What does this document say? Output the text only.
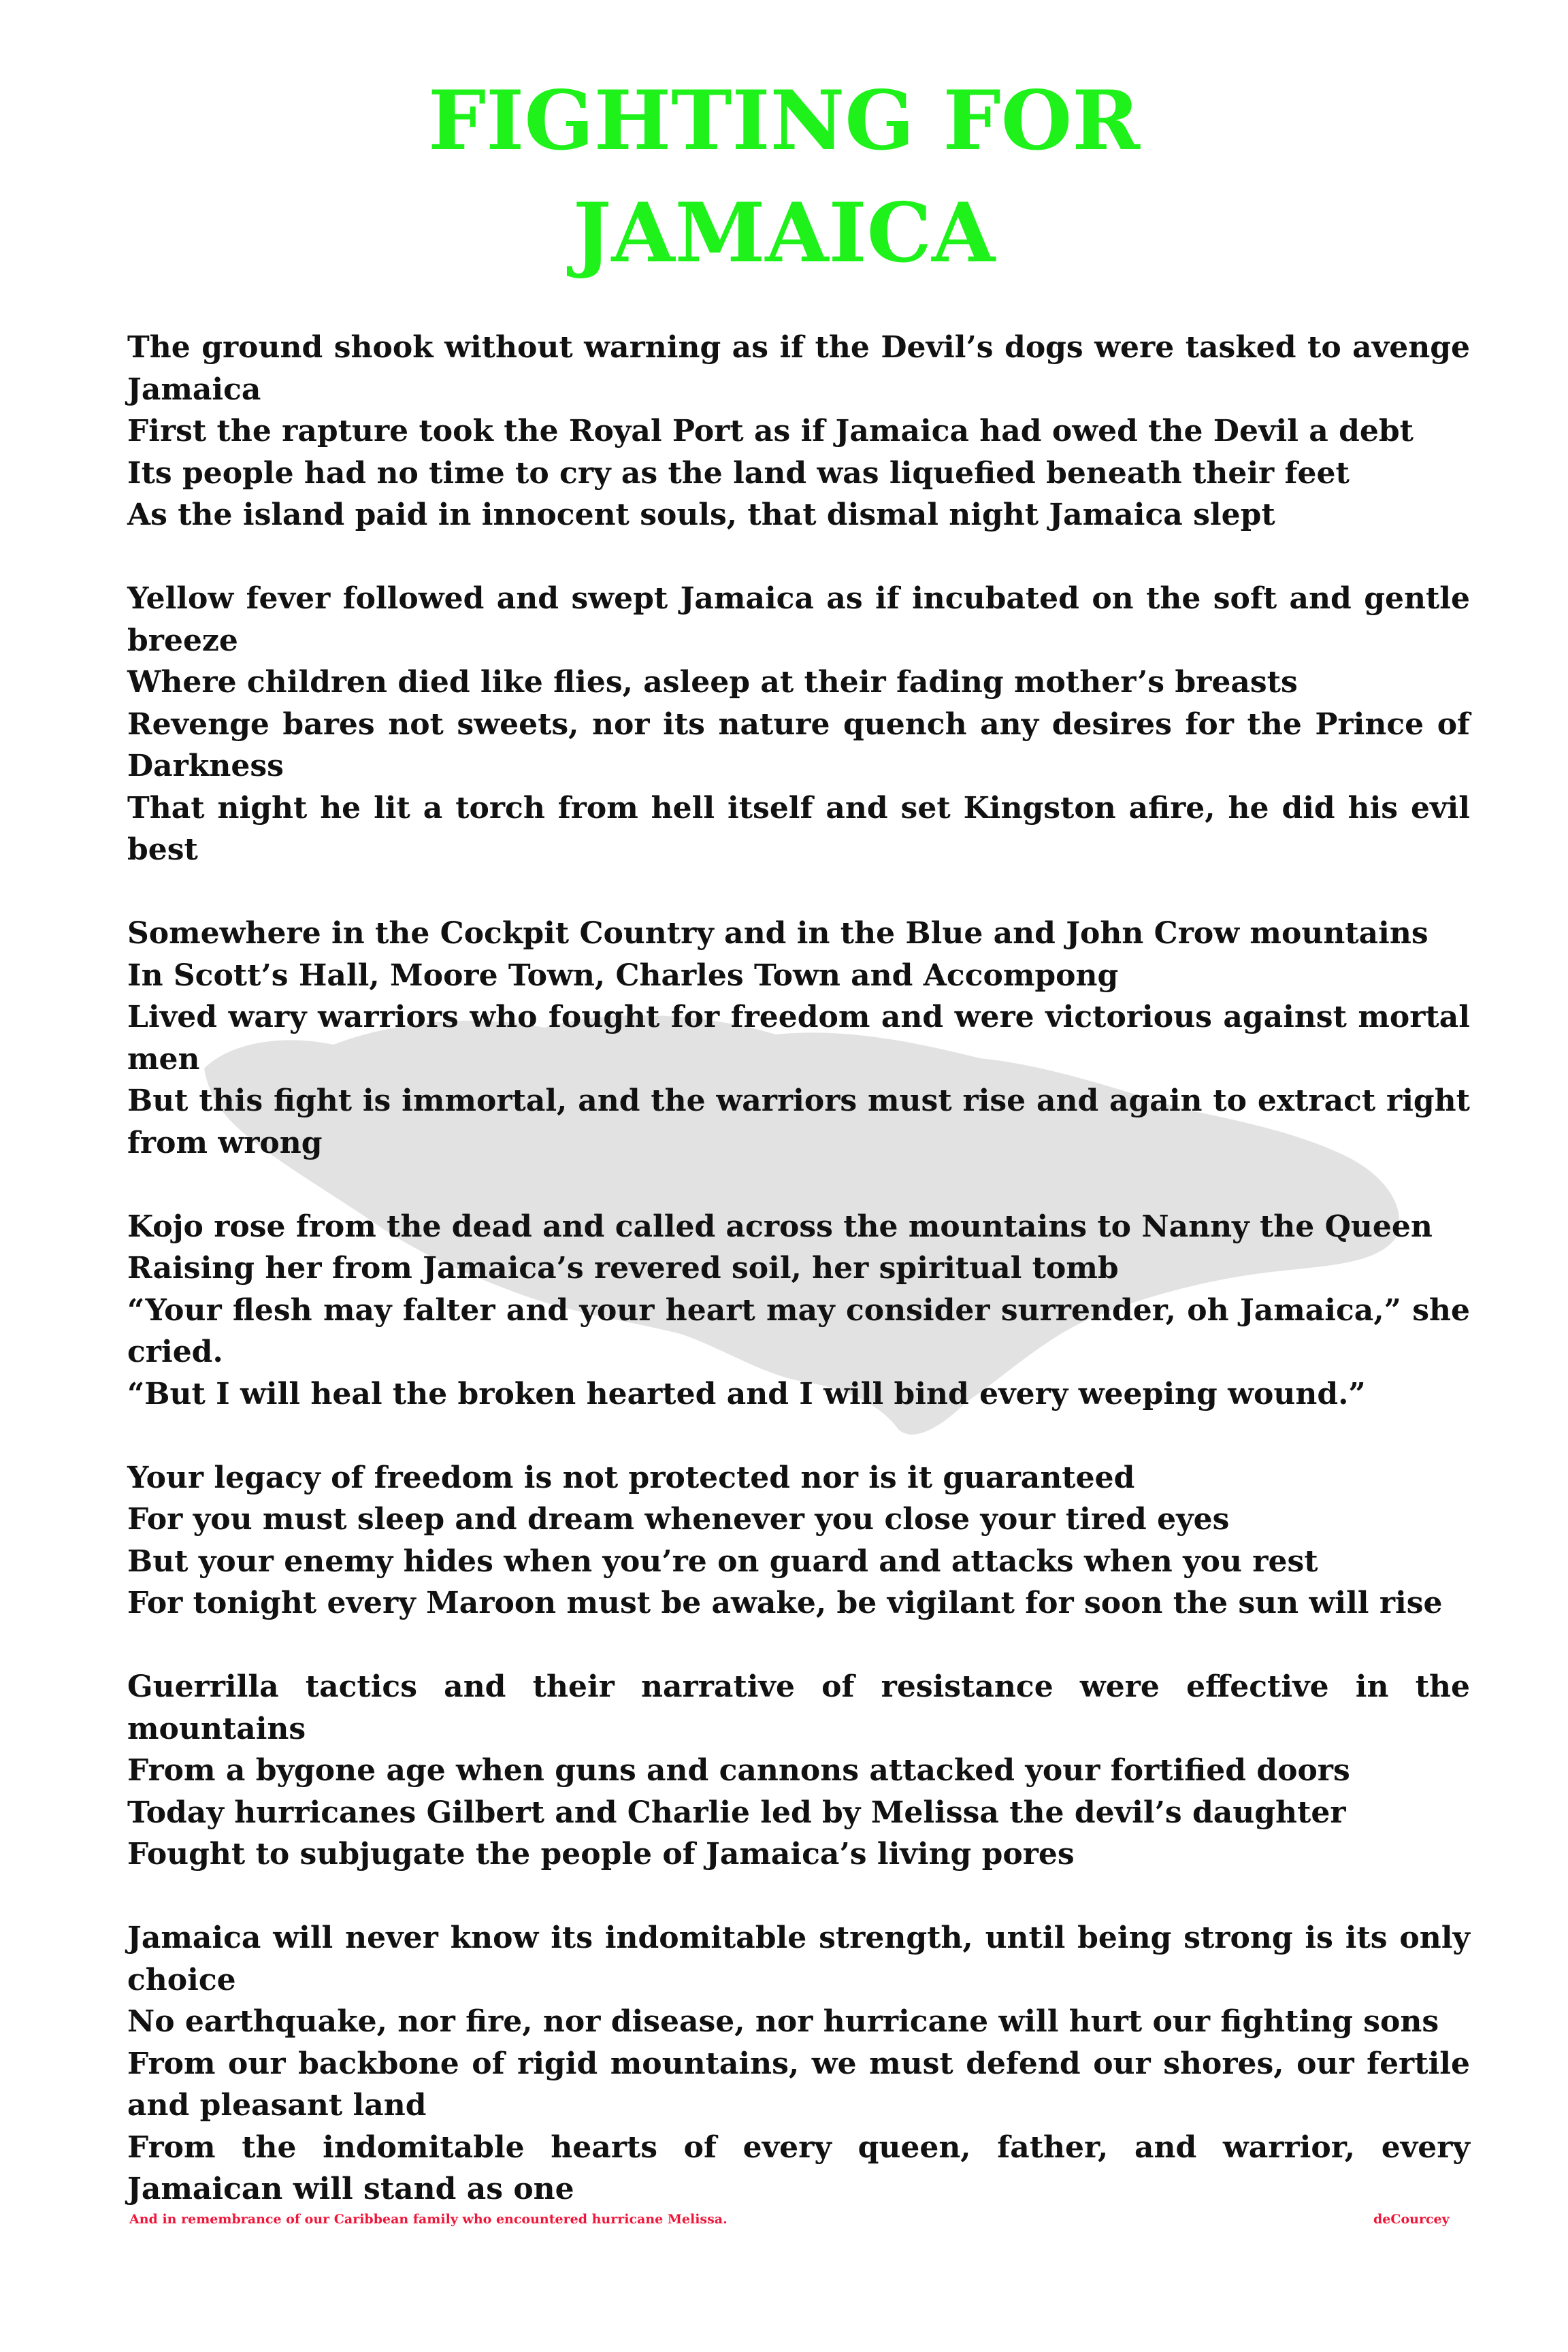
FIGHTING FOR
JAMAICA
The ground shook without warning as if the Devil’s dogs were tasked to avenge Jamaica
First the rapture took the Royal Port as if Jamaica had owed the Devil a debt
Its people had no time to cry as the land was liquefied beneath their feet
As the island paid in innocent souls, that dismal night Jamaica slept
Yellow fever followed and swept Jamaica as if incubated on the soft and gentle breeze
Where children died like flies, asleep at their fading mother’s breasts
Revenge bares not sweets, nor its nature quench any desires for the Prince of Darkness
That night he lit a torch from hell itself and set Kingston afire, he did his evil best
Somewhere in the Cockpit Country and in the Blue and John Crow mountains
In Scott’s Hall, Moore Town, Charles Town and Accompong
Lived wary warriors who fought for freedom and were victorious against mortal men
But this fight is immortal, and the warriors must rise and again to extract right from wrong
Kojo rose from the dead and called across the mountains to Nanny the Queen
Raising her from Jamaica’s revered soil, her spiritual tomb
“Your flesh may falter and your heart may consider surrender, oh Jamaica,” she cried.
“But I will heal the broken hearted and I will bind every weeping wound.”
Your legacy of freedom is not protected nor is it guaranteed
For you must sleep and dream whenever you close your tired eyes
But your enemy hides when you’re on guard and attacks when you rest
For tonight every Maroon must be awake, be vigilant for soon the sun will rise
Guerrilla tactics and their narrative of resistance were effective in the mountains
From a bygone age when guns and cannons attacked your fortified doors
Today hurricanes Gilbert and Charlie led by Melissa the devil’s daughter
Fought to subjugate the people of Jamaica’s living pores
Jamaica will never know its indomitable strength, until being strong is its only choice
No earthquake, nor fire, nor disease, nor hurricane will hurt our fighting sons
From our backbone of rigid mountains, we must defend our shores, our fertile and pleasant land
From the indomitable hearts of every queen, father, and warrior, every Jamaican will stand as one
And in remembrance of our Caribbean family who encountered hurricane Melissa.	deCourcey
